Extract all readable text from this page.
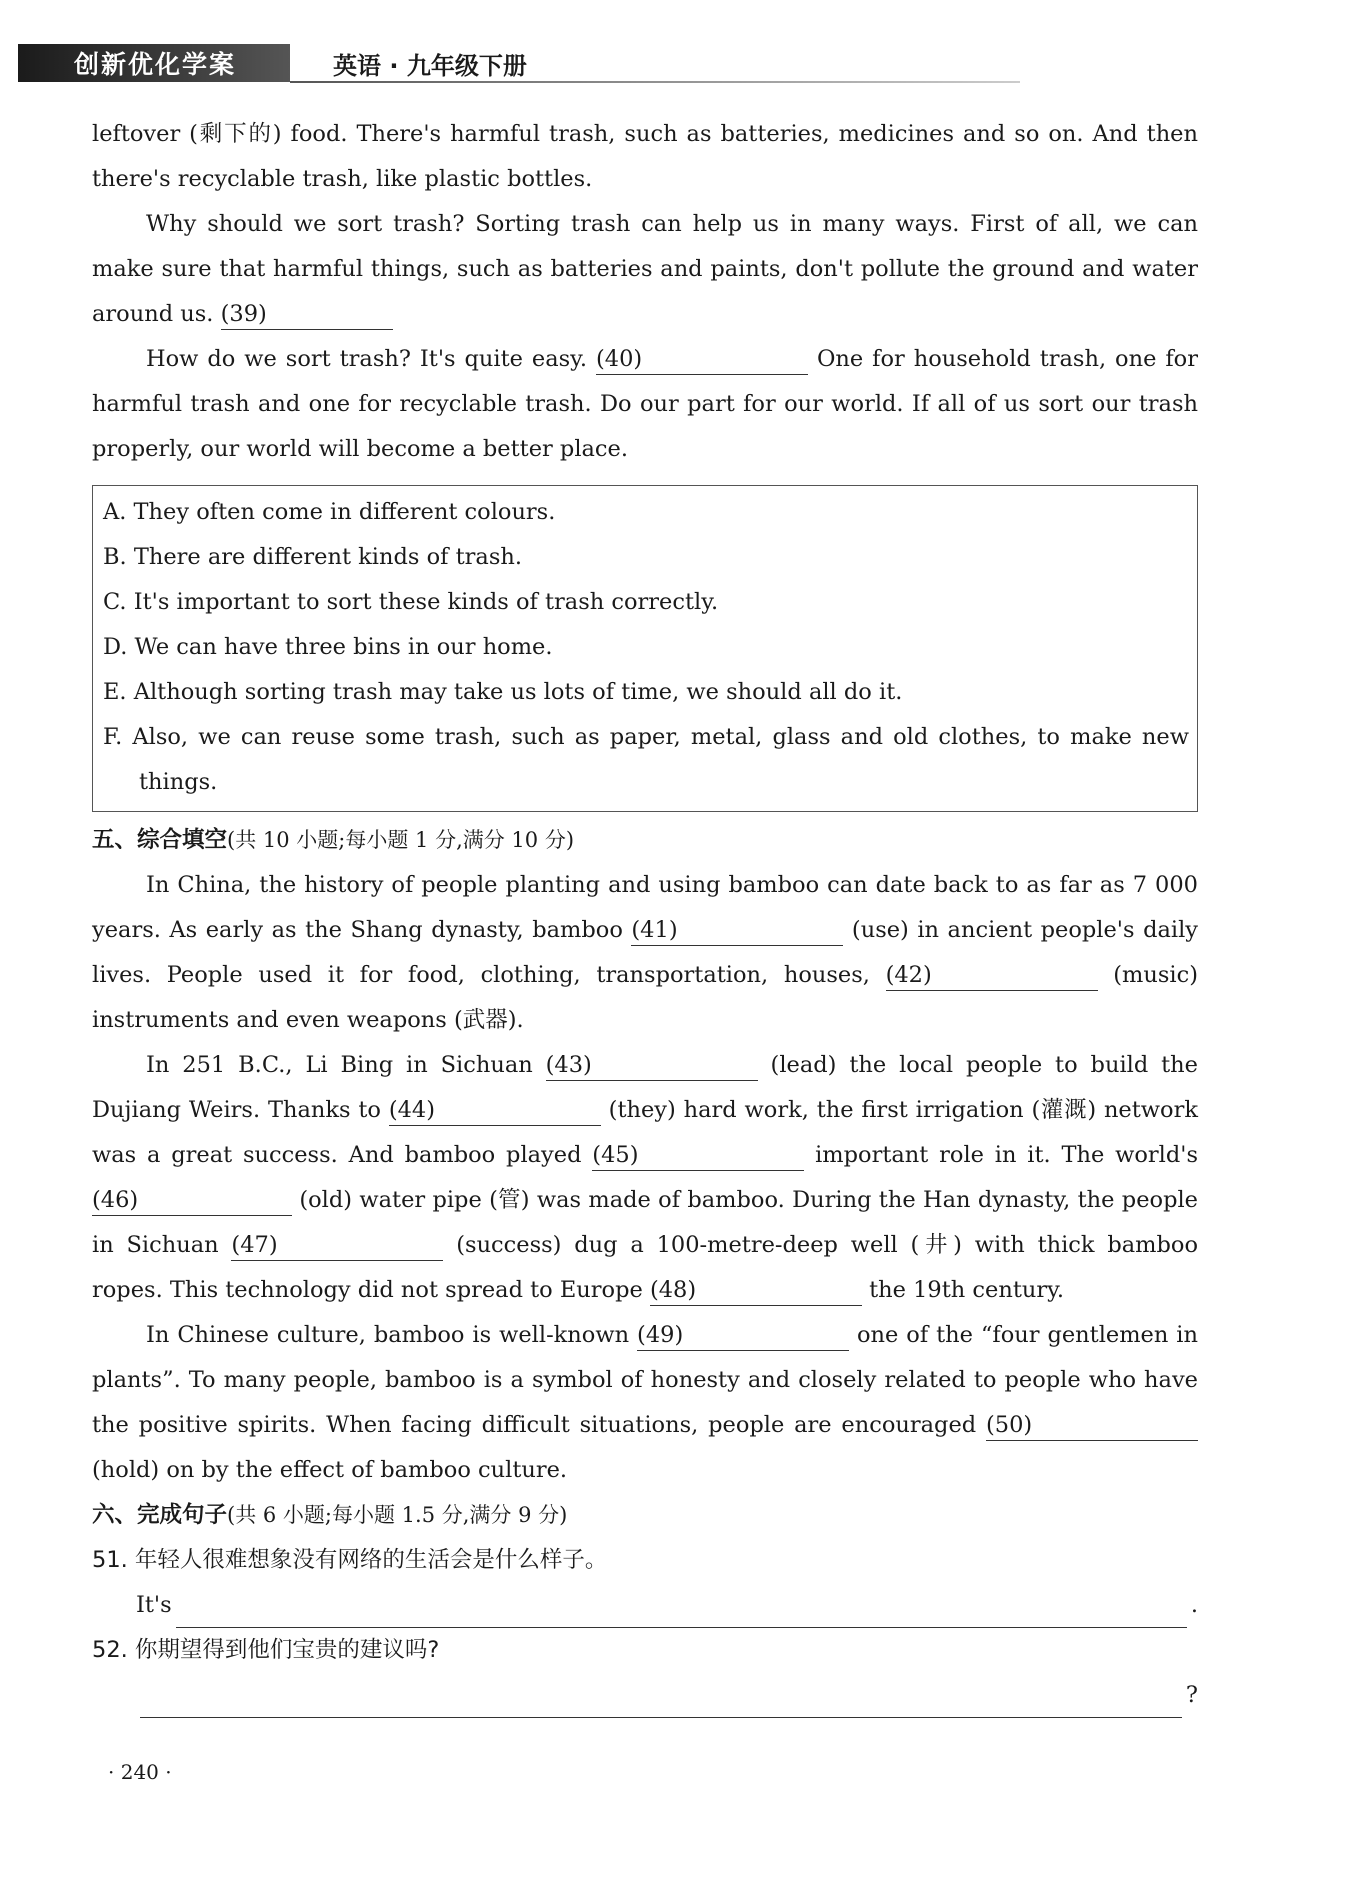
创新优化学案	英语 · 九年级下册

leftover (剩下的) food. There's harmful trash, such as batteries, medicines and so on. And then there's recyclable trash, like plastic bottles.

Why should we sort trash? Sorting trash can help us in many ways. First of all, we can make sure that harmful things, such as batteries and paints, don't pollute the ground and water around us. (39)

How do we sort trash? It's quite easy. (40)	One for household trash, one for harmful trash and one for recyclable trash. Do our part for our world. If all of us sort our trash properly, our world will become a better place.

A. They often come in different colours.

B. There are different kinds of trash.

C. It's important to sort these kinds of trash correctly.

D. We can have three bins in our home.

E. Although sorting trash may take us lots of time, we should all do it.

F. Also, we can reuse some trash, such as paper, metal, glass and old clothes, to make new things.

五、综合填空(共 10 小题;每小题 1 分,满分 10 分)

In China, the history of people planting and using bamboo can date back to as far as 7 000 years. As early as the Shang dynasty, bamboo (41)	(use) in ancient people's daily lives. People used it for food, clothing, transportation, houses, (42)	(music) instruments and even weapons (武器).

In 251 B.C., Li Bing in Sichuan (43)	(lead) the local people to build the Dujiang Weirs. Thanks to (44)	(they) hard work, the first irrigation (灌溉) network was a great success. And bamboo played (45)	important role in it. The world's (46)	(old) water pipe (管) was made of bamboo. During the Han dynasty, the people in Sichuan (47)	(success) dug a 100-metre-deep well (井) with thick bamboo ropes. This technology did not spread to Europe (48)	the 19th century.

In Chinese culture, bamboo is well-known (49)	one of the “four gentlemen in plants”. To many people, bamboo is a symbol of honesty and closely related to people who have the positive spirits. When facing difficult situations, people are encouraged (50) (hold) on by the effect of bamboo culture.

六、完成句子(共 6 小题;每小题 1.5 分,满分 9 分)

51. 年轻人很难想象没有网络的生活会是什么样子。

It's	.

52. 你期望得到他们宝贵的建议吗?

?
· 240 ·
